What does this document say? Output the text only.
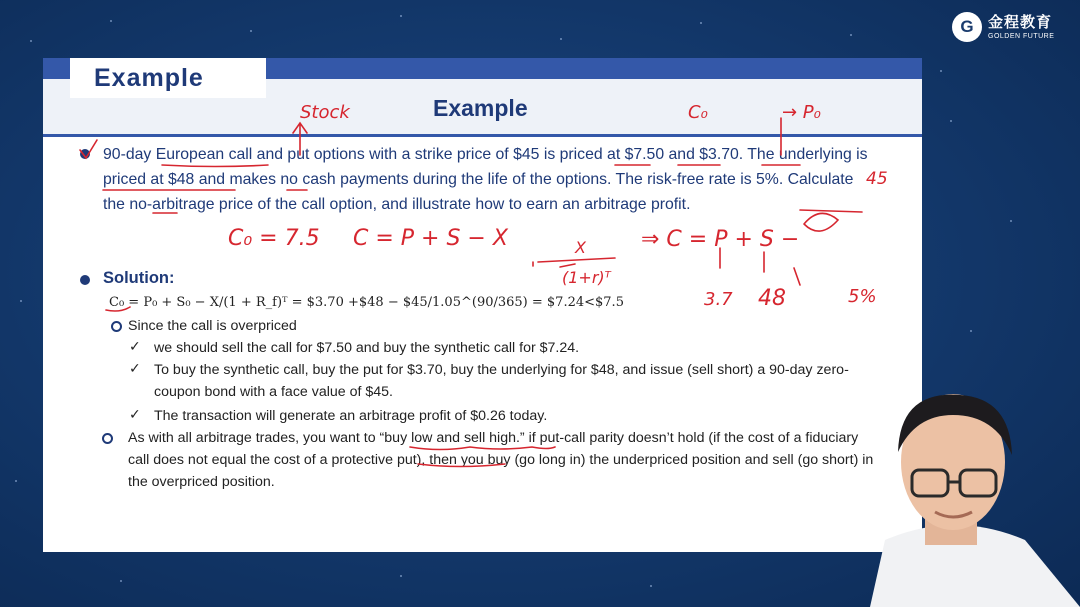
G 金程教育
GOLDEN FUTURE
Example
Example
90-day European call and put options with a strike price of $45 is priced at $7.50 and $3.70. The underlying is priced at $48 and makes no cash payments during the life of the options. The risk-free rate is 5%. Calculate the no-arbitrage price of the call option, and illustrate how to earn an arbitrage profit.
Solution:
C₀ = P₀ + S₀ − X/(1 + R_f)ᵀ = $3.70 +$48 − $45/1.05^(90/365) = $7.24<$7.5
Since the call is overpriced
✓ we should sell the call for $7.50 and buy the synthetic call for $7.24.
✓ To buy the synthetic call, buy the put for $3.70, buy the underlying for $48, and issue (sell short) a 90-day zero-coupon bond with a face value of $45.
✓ The transaction will generate an arbitrage profit of $0.26 today.
As with all arbitrage trades, you want to “buy low and sell high.” if put-call parity doesn’t hold (if the cost of a fiduciary call does not equal the cost of a protective put), then you buy (go long in) the underpriced position and sell (go short) in the overpriced position.
Stock	C₀	→ P₀
C₀ = 7.5 C = P + S − X	X
(1+r)ᵀ
⇒ C = P + S −
3.7 48
45
5%
